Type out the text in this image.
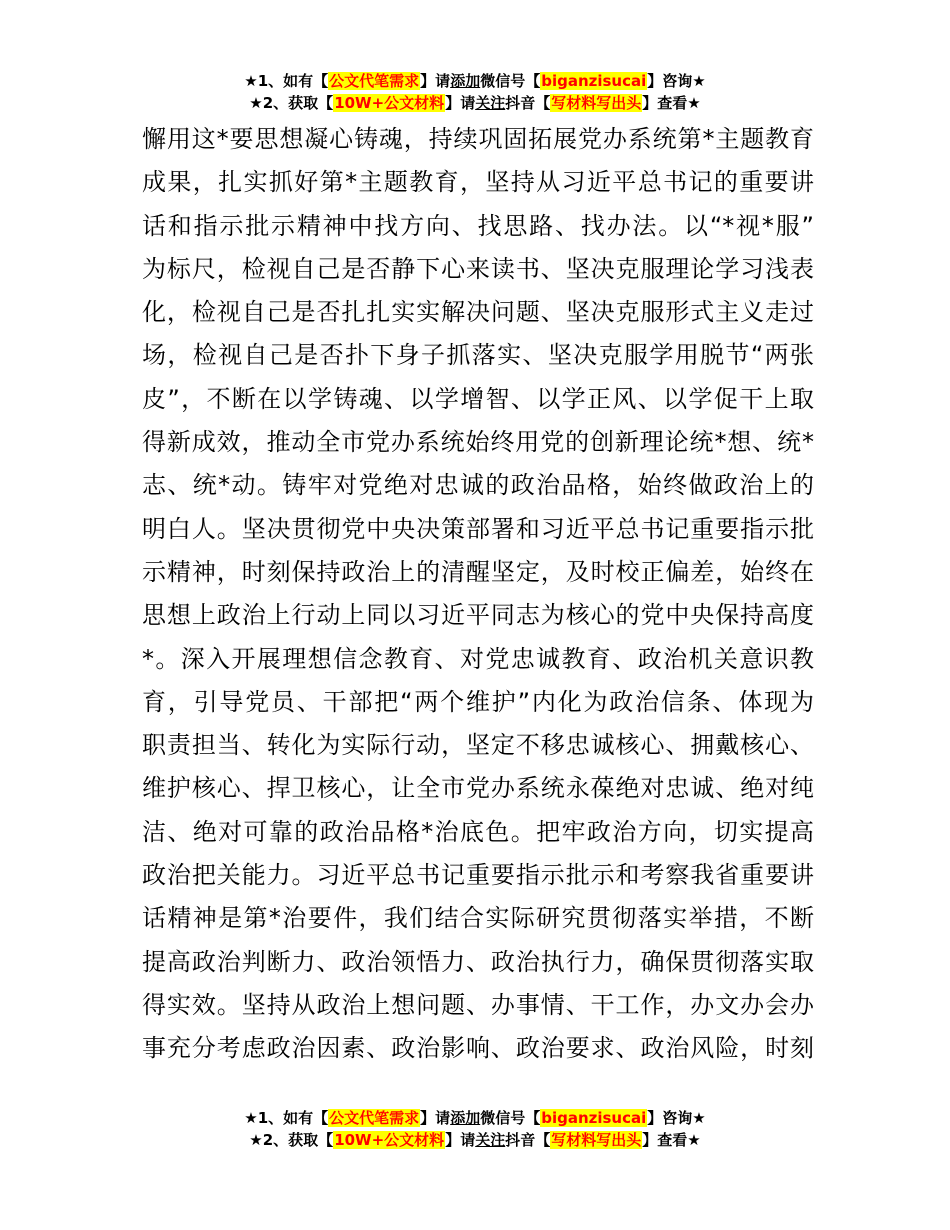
★1、如有【公文代笔需求】请添加微信号【biganzisucai】咨询★
★2、获取【10W+公文材料】请关注抖音【写材料写出头】查看★
懈用这*要思想凝心铸魂，持续巩固拓展党办系统第*主题教育
成果，扎实抓好第*主题教育，坚持从习近平总书记的重要讲
话和指示批示精神中找方向、找思路、找办法。以“*视*服”
为标尺，检视自己是否静下心来读书、坚决克服理论学习浅表
化，检视自己是否扎扎实实解决问题、坚决克服形式主义走过
场，检视自己是否扑下身子抓落实、坚决克服学用脱节“两张
皮”，不断在以学铸魂、以学增智、以学正风、以学促干上取
得新成效，推动全市党办系统始终用党的创新理论统*想、统*
志、统*动。铸牢对党绝对忠诚的政治品格，始终做政治上的
明白人。坚决贯彻党中央决策部署和习近平总书记重要指示批
示精神，时刻保持政治上的清醒坚定，及时校正偏差，始终在
思想上政治上行动上同以习近平同志为核心的党中央保持高度
*。深入开展理想信念教育、对党忠诚教育、政治机关意识教
育，引导党员、干部把“两个维护”内化为政治信条、体现为
职责担当、转化为实际行动，坚定不移忠诚核心、拥戴核心、
维护核心、捍卫核心，让全市党办系统永葆绝对忠诚、绝对纯
洁、绝对可靠的政治品格*治底色。把牢政治方向，切实提高
政治把关能力。习近平总书记重要指示批示和考察我省重要讲
话精神是第*治要件，我们结合实际研究贯彻落实举措，不断
提高政治判断力、政治领悟力、政治执行力，确保贯彻落实取
得实效。坚持从政治上想问题、办事情、干工作，办文办会办
事充分考虑政治因素、政治影响、政治要求、政治风险，时刻
★1、如有【公文代笔需求】请添加微信号【biganzisucai】咨询★
★2、获取【10W+公文材料】请关注抖音【写材料写出头】查看★
